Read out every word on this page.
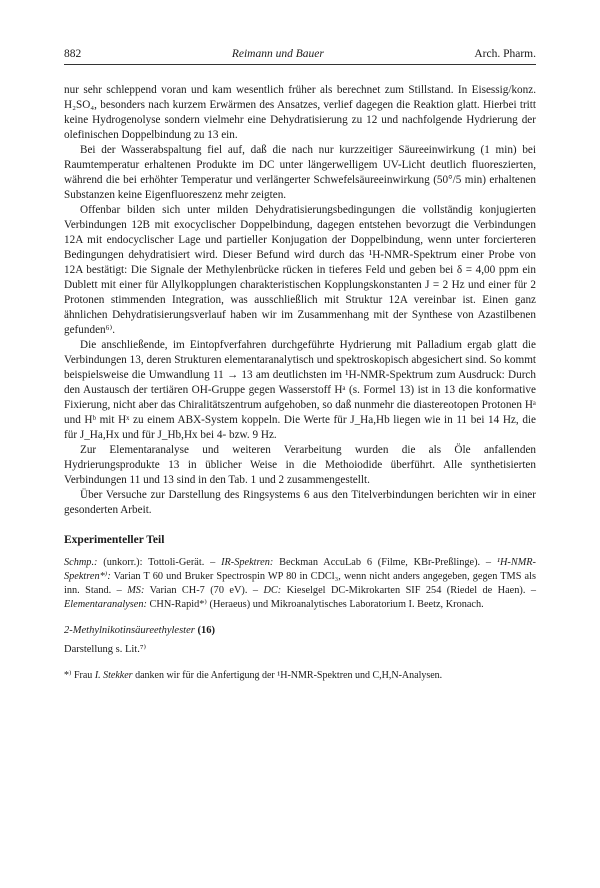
882	Reimann und Bauer	Arch. Pharm.

nur sehr schleppend voran und kam wesentlich früher als berechnet zum Stillstand. In Eisessig/konz. H₂SO₄, besonders nach kurzem Erwärmen des Ansatzes, verlief dagegen die Reaktion glatt. Hierbei tritt keine Hydrogenolyse sondern vielmehr eine Dehydratisierung zu 12 und nachfolgende Hydrierung der olefinischen Doppelbindung zu 13 ein.

Bei der Wasserabspaltung fiel auf, daß die nach nur kurzzeitiger Säureeinwirkung (1 min) bei Raumtemperatur erhaltenen Produkte im DC unter längerwelligem UV-Licht deutlich fluoreszierten, während die bei erhöhter Temperatur und verlängerter Schwefelsäureeinwirkung (50°/5 min) erhaltenen Substanzen keine Eigenfluoreszenz mehr zeigten.

Offenbar bilden sich unter milden Dehydratisierungsbedingungen die vollständig konjugierten Verbindungen 12B mit exocyclischer Doppelbindung, dagegen entstehen bevorzugt die Verbindungen 12A mit endocyclischer Lage und partieller Konjugation der Doppelbindung, wenn unter forcierteren Bedingungen dehydratisiert wird. Dieser Befund wird durch das ¹H-NMR-Spektrum einer Probe von 12A bestätigt: Die Signale der Methylenbrücke rücken in tieferes Feld und geben bei δ = 4,00 ppm ein Dublett mit einer für Allylkopplungen charakteristischen Kopplungskonstanten J = 2 Hz und einer für 2 Protonen stimmenden Integration, was ausschließlich mit Struktur 12A vereinbar ist. Einen ganz ähnlichen Dehydratisierungsverlauf haben wir im Zusammenhang mit der Synthese von Azastilbenen gefunden⁶⁾.

Die anschließende, im Eintopfverfahren durchgeführte Hydrierung mit Palladium ergab glatt die Verbindungen 13, deren Strukturen elementaranalytisch und spektroskopisch abgesichert sind. So kommt beispielsweise die Umwandlung 11 → 13 am deutlichsten im ¹H-NMR-Spektrum zum Ausdruck: Durch den Austausch der tertiären OH-Gruppe gegen Wasserstoff Hᵃ (s. Formel 13) ist in 13 die konformative Fixierung, nicht aber das Chiralitätszentrum aufgehoben, so daß nunmehr die diastereotopen Protonen Hᵃ und Hᵇ mit Hˣ zu einem ABX-System koppeln. Die Werte für J_Ha,Hb liegen wie in 11 bei 14 Hz, die für J_Ha,Hx und für J_Hb,Hx bei 4- bzw. 9 Hz.

Zur Elementaranalyse und weiteren Verarbeitung wurden die als Öle anfallenden Hydrierungsprodukte 13 in üblicher Weise in die Methoiodide überführt. Alle synthetisierten Verbindungen 11 und 13 sind in den Tab. 1 und 2 zusammengestellt.

Über Versuche zur Darstellung des Ringsystems 6 aus den Titelverbindungen berichten wir in einer gesonderten Arbeit.

Experimenteller Teil
Schmp.: (unkorr.): Tottoli-Gerät. – IR-Spektren: Beckman AccuLab 6 (Filme, KBr-Preßlinge). – ¹H-NMR-Spektren*⁾: Varian T 60 und Bruker Spectrospin WP 80 in CDCl₃, wenn nicht anders angegeben, gegen TMS als inn. Stand. – MS: Varian CH-7 (70 eV). – DC: Kieselgel DC-Mikrokarten SIF 254 (Riedel de Haen). – Elementaranalysen: CHN-Rapid*⁾ (Heraeus) und Mikroanalytisches Laboratorium I. Beetz, Kronach.
2-Methylnikotinsäureethylester (16)
Darstellung s. Lit.⁷⁾
*⁾ Frau I. Stekker danken wir für die Anfertigung der ¹H-NMR-Spektren und C,H,N-Analysen.
